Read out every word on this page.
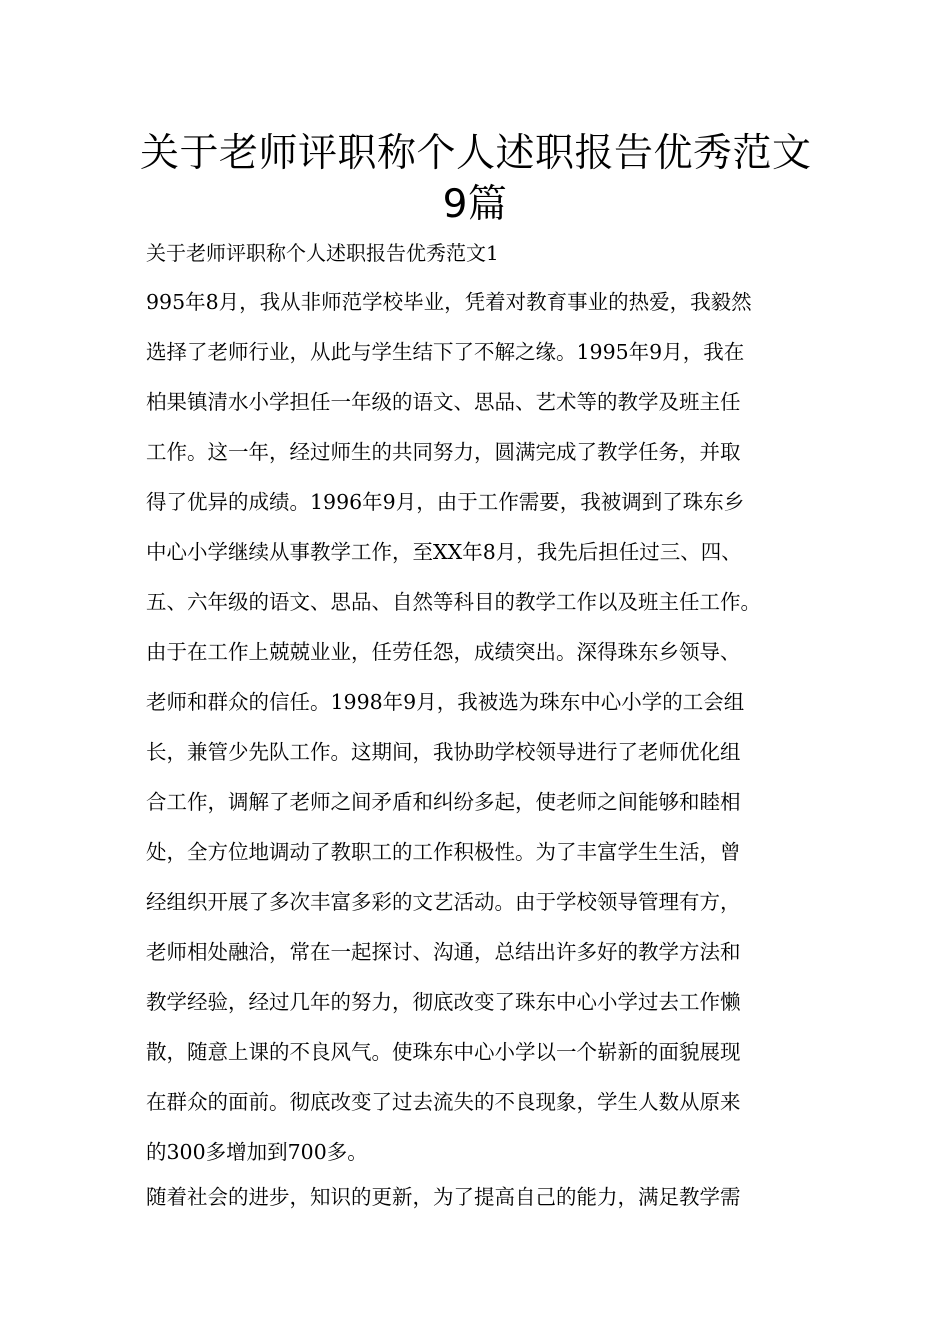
关于老师评职称个人述职报告优秀范文
9篇

关于老师评职称个人述职报告优秀范文1

995年8月，我从非师范学校毕业，凭着对教育事业的热爱，我毅然
选择了老师行业，从此与学生结下了不解之缘。1995年9月，我在
柏果镇清水小学担任一年级的语文、思品、艺术等的教学及班主任
工作。这一年，经过师生的共同努力，圆满完成了教学任务，并取
得了优异的成绩。1996年9月，由于工作需要，我被调到了珠东乡
中心小学继续从事教学工作，至XX年8月，我先后担任过三、四、
五、六年级的语文、思品、自然等科目的教学工作以及班主任工作。
由于在工作上兢兢业业，任劳任怨，成绩突出。深得珠东乡领导、
老师和群众的信任。1998年9月，我被选为珠东中心小学的工会组
长，兼管少先队工作。这期间，我协助学校领导进行了老师优化组
合工作，调解了老师之间矛盾和纠纷多起，使老师之间能够和睦相
处，全方位地调动了教职工的工作积极性。为了丰富学生生活，曾
经组织开展了多次丰富多彩的文艺活动。由于学校领导管理有方，
老师相处融洽，常在一起探讨、沟通，总结出许多好的教学方法和
教学经验，经过几年的努力，彻底改变了珠东中心小学过去工作懒
散，随意上课的不良风气。使珠东中心小学以一个崭新的面貌展现
在群众的面前。彻底改变了过去流失的不良现象，学生人数从原来
的300多增加到700多。
随着社会的进步，知识的更新，为了提高自己的能力，满足教学需
